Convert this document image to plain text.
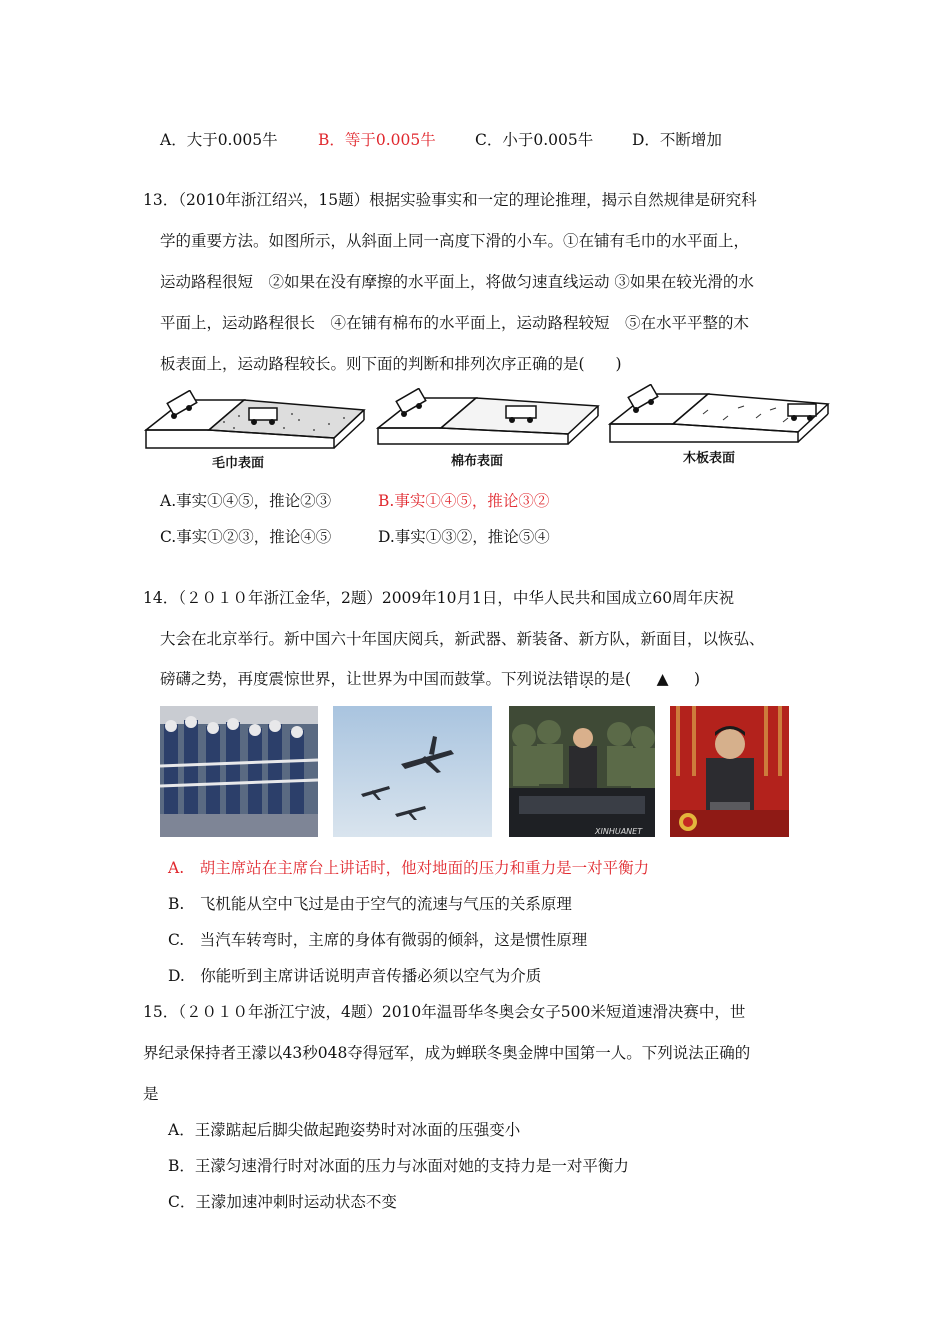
A．大于0.005牛	B．等于0.005牛	C．小于0.005牛	D．不断增加
13．（2010年浙江绍兴，15题）根据实验事实和一定的理论推理，揭示自然规律是研究科
学的重要方法。如图所示，从斜面上同一高度下滑的小车。①在铺有毛巾的水平面上，
运动路程很短　②如果在没有摩擦的水平面上，将做匀速直线运动 ③如果在较光滑的水
平面上，运动路程很长　④在铺有棉布的水平面上，运动路程较短　⑤在水平平整的木
板表面上，运动路程较长。则下面的判断和排列次序正确的是(　　)
毛巾表面	棉布表面	木板表面
A.事实①④⑤，推论②③	B.事实①④⑤，推论③②
C.事实①②③，推论④⑤	D.事实①③②，推论⑤④
14．（２０１０年浙江金华，2题）2009年10月1日，中华人民共和国成立60周年庆祝
大会在北京举行。新中国六十年国庆阅兵，新武器、新装备、新方队，新面目，以恢弘、
磅礴之势，再度震惊世界，让世界为中国而鼓掌。下列说法错误的是(　▲　)
XINHUANET
A.　胡主席站在主席台上讲话时，他对地面的压力和重力是一对平衡力
B.　飞机能从空中飞过是由于空气的流速与气压的关系原理
C.　当汽车转弯时，主席的身体有微弱的倾斜，这是惯性原理
D.　你能听到主席讲话说明声音传播必须以空气为介质
15．（２０１０年浙江宁波，4题）2010年温哥华冬奥会女子500米短道速滑决赛中，世
界纪录保持者王濛以43秒048夺得冠军，成为蝉联冬奥金牌中国第一人。下列说法正确的
是
A．王濛踮起后脚尖做起跑姿势时对冰面的压强变小
B．王濛匀速滑行时对冰面的压力与冰面对她的支持力是一对平衡力
C．王濛加速冲刺时运动状态不变
